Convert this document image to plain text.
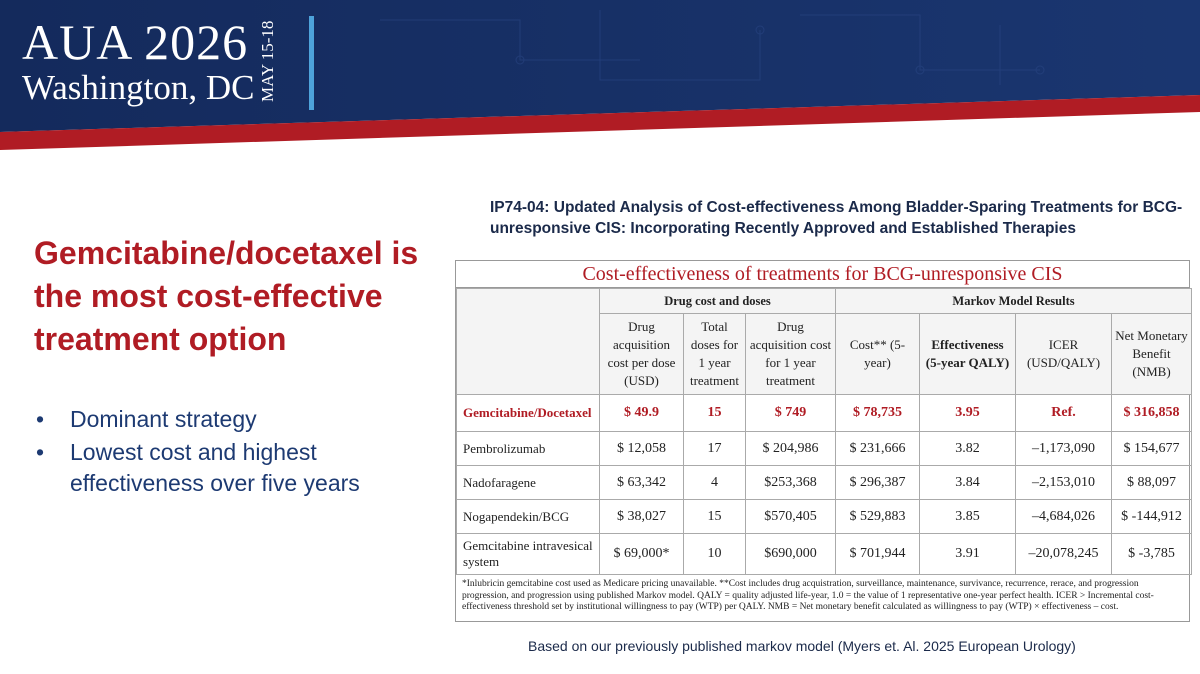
AUA 2026
Washington, DC MAY 15-18
Gemcitabine/docetaxel is the most cost-effective treatment option
• Dominant strategy
• Lowest cost and highest effectiveness over five years
IP74-04: Updated Analysis of Cost-effectiveness Among Bladder-Sparing Treatments for BCG-unresponsive CIS: Incorporating Recently Approved and Established Therapies
Cost-effectiveness of treatments for BCG-unresponsive CIS
	Drug cost and doses			Markov Model Results			
	Drug acquisition cost per dose (USD)	Total doses for 1 year treatment	Drug acquisition cost for 1 year treatment	Cost** (5-year)	Effectiveness (5-year QALY)	ICER (USD/QALY)	Net Monetary Benefit (NMB)
Gemcitabine/Docetaxel	$ 49.9	15	$ 749	$ 78,735	3.95	Ref.	$ 316,858
Pembrolizumab	$ 12,058	17	$ 204,986	$ 231,666	3.82	–1,173,090	$ 154,677
Nadofaragene	$ 63,342	4	$253,368	$ 296,387	3.84	–2,153,010	$ 88,097
Nogapendekin/BCG	$ 38,027	15	$570,405	$ 529,883	3.85	–4,684,026	$ -144,912
Gemcitabine intravesical system	$ 69,000*	10	$690,000	$ 701,944	3.91	–20,078,245	$ -3,785
*Inlubricin gemcitabine cost used as Medicare pricing unavailable. **Cost includes drug acquistration, surveillance, maintenance, survivance, recurrence, rerace, and progression progression, and progression using published Markov model. QALY = quality adjusted life-year, 1.0 = the value of 1 representative one-year perfect health. ICER > Incremental cost-effectiveness threshold set by institutional willingness to pay (WTP) per QALY. NMB = Net monetary benefit calculated as willingness to pay (WTP) × effectiveness – cost.
Based on our previously published markov model (Myers et. Al. 2025 European Urology)
